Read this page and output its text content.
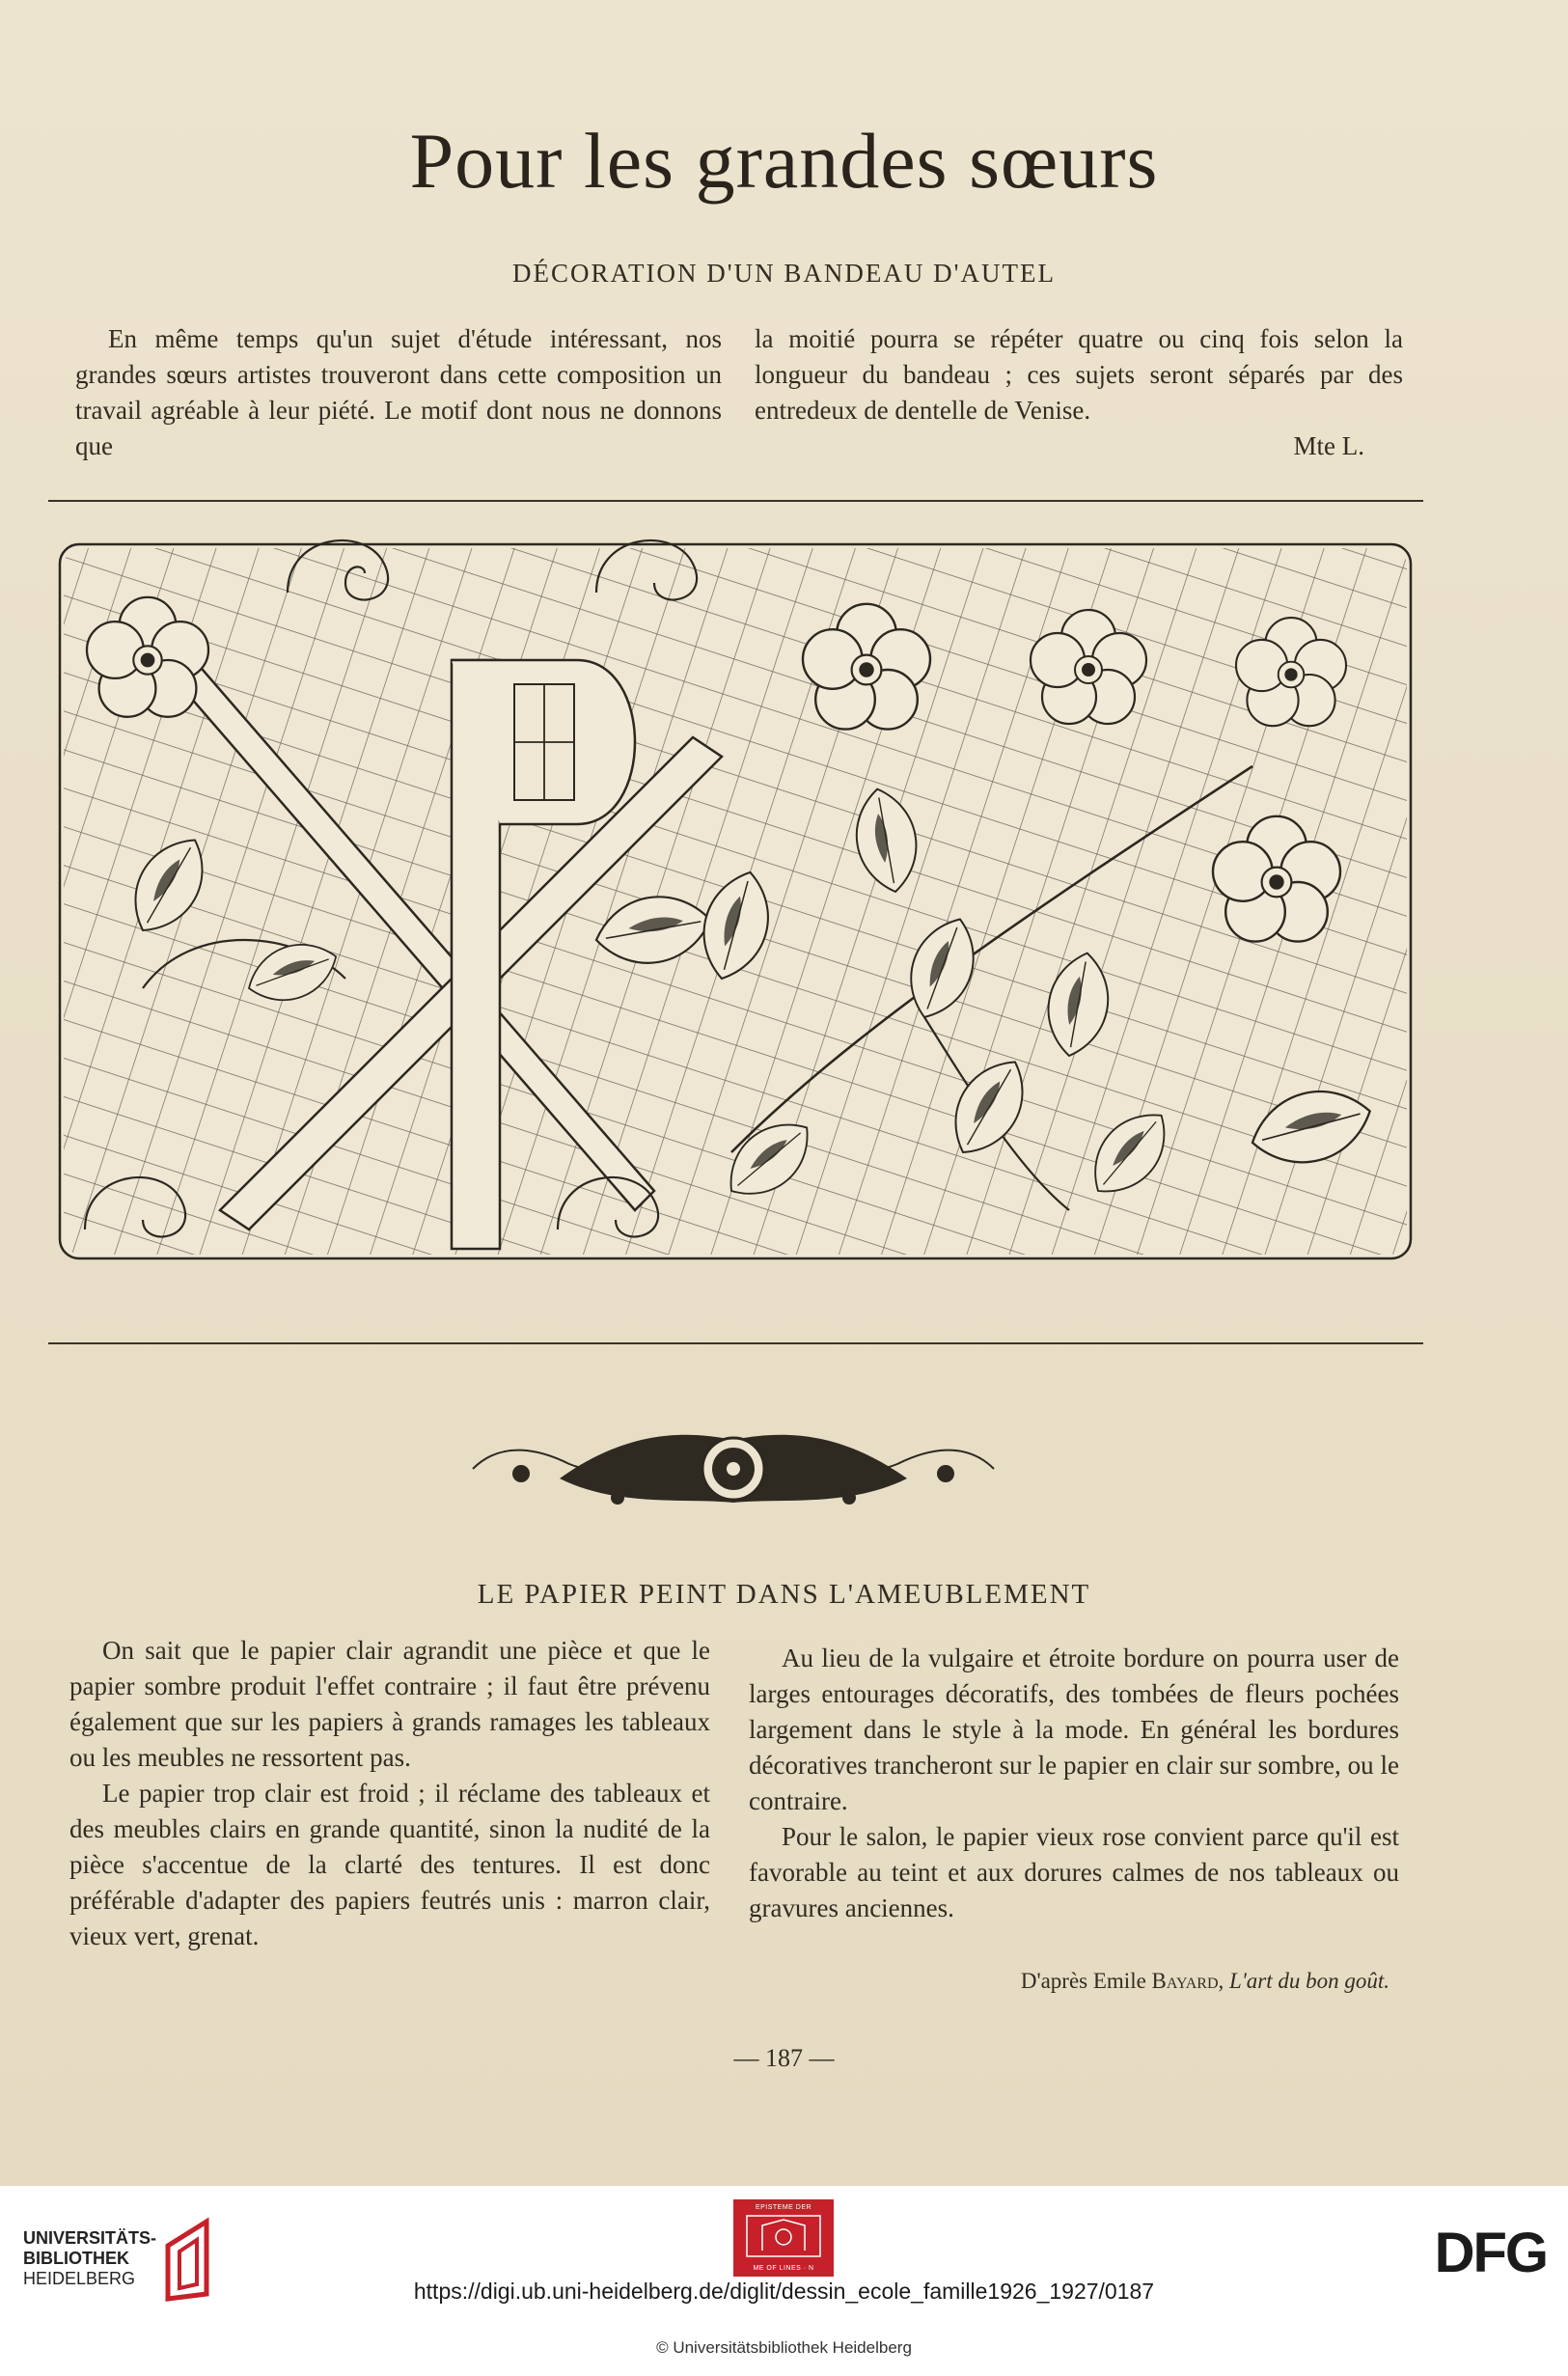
Pour les grandes sœurs
DÉCORATION D'UN BANDEAU D'AUTEL

En même temps qu'un sujet d'étude intéressant, nos grandes sœurs artistes trouveront dans cette composition un travail agréable à leur piété. Le motif dont nous ne donnons que

la moitié pourra se répéter quatre ou cinq fois selon la longueur du bandeau ; ces sujets seront séparés par des entredeux de dentelle de Venise.

Mte L.

LE PAPIER PEINT DANS L'AMEUBLEMENT

On sait que le papier clair agrandit une pièce et que le papier sombre produit l'effet contraire ; il faut être prévenu également que sur les papiers à grands ramages les tableaux ou les meubles ne ressortent pas.

Le papier trop clair est froid ; il réclame des tableaux et des meubles clairs en grande quantité, sinon la nudité de la pièce s'accentue de la clarté des tentures. Il est donc préférable d'adapter des papiers feutrés unis : marron clair, vieux vert, grenat.

Au lieu de la vulgaire et étroite bordure on pourra user de larges entourages décoratifs, des tombées de fleurs pochées largement dans le style à la mode. En général les bordures décoratives trancheront sur le papier en clair sur sombre, ou le contraire.

Pour le salon, le papier vieux rose convient parce qu'il est favorable au teint et aux dorures calmes de nos tableaux ou gravures anciennes.

D'après Emile Bayard, L'art du bon goût.
— 187 —
UNIVERSITÄTS-
BIBLIOTHEK
HEIDELBERG
EPISTEME DER
ME OF LINES · N	DFG
https://digi.ub.uni-heidelberg.de/diglit/dessin_ecole_famille1926_1927/0187
© Universitätsbibliothek Heidelberg
